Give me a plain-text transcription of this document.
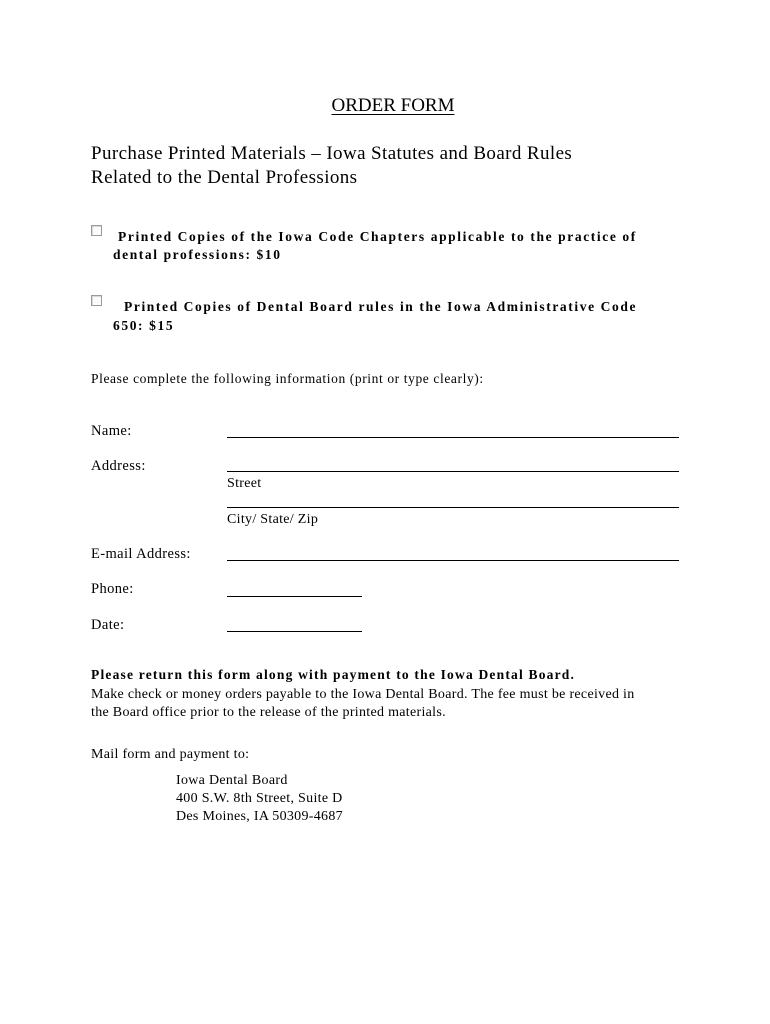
ORDER FORM
Purchase Printed Materials – Iowa Statutes and Board Rules
Related to the Dental Professions
Printed Copies of the Iowa Code Chapters applicable to the practice of
dental professions: $10
Printed Copies of Dental Board rules in the Iowa Administrative Code
650: $15
Please complete the following information (print or type clearly):
Name:
Address:
Street
City/ State/ Zip
E-mail Address:
Phone:
Date:
Please return this form along with payment to the Iowa Dental Board.
Make check or money orders payable to the Iowa Dental Board. The fee must be received in
the Board office prior to the release of the printed materials.
Mail form and payment to:
Iowa Dental Board
400 S.W. 8th Street, Suite D
Des Moines, IA 50309-4687
